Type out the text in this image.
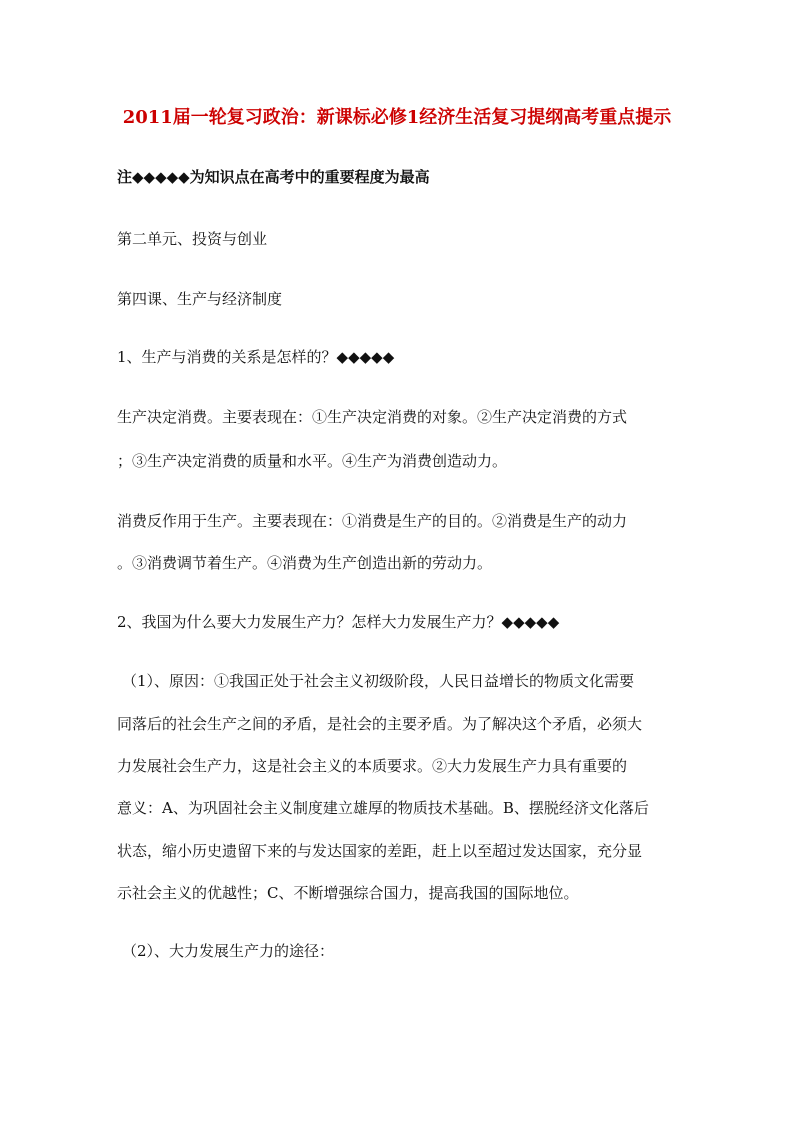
2011届一轮复习政治：新课标必修1经济生活复习提纲高考重点提示
注◆◆◆◆◆为知识点在高考中的重要程度为最高
第二单元、投资与创业
第四课、生产与经济制度
1、生产与消费的关系是怎样的？◆◆◆◆◆
生产决定消费。主要表现在：①生产决定消费的对象。②生产决定消费的方式
；③生产决定消费的质量和水平。④生产为消费创造动力。
消费反作用于生产。主要表现在：①消费是生产的目的。②消费是生产的动力
。③消费调节着生产。④消费为生产创造出新的劳动力。
2、我国为什么要大力发展生产力？怎样大力发展生产力？◆◆◆◆◆
（1）、原因：①我国正处于社会主义初级阶段，人民日益增长的物质文化需要
同落后的社会生产之间的矛盾，是社会的主要矛盾。为了解决这个矛盾，必须大
力发展社会生产力，这是社会主义的本质要求。②大力发展生产力具有重要的
意义：A、为巩固社会主义制度建立雄厚的物质技术基础。B、摆脱经济文化落后
状态，缩小历史遗留下来的与发达国家的差距，赶上以至超过发达国家，充分显
示社会主义的优越性；C、不断增强综合国力，提高我国的国际地位。
（2）、大力发展生产力的途径：
